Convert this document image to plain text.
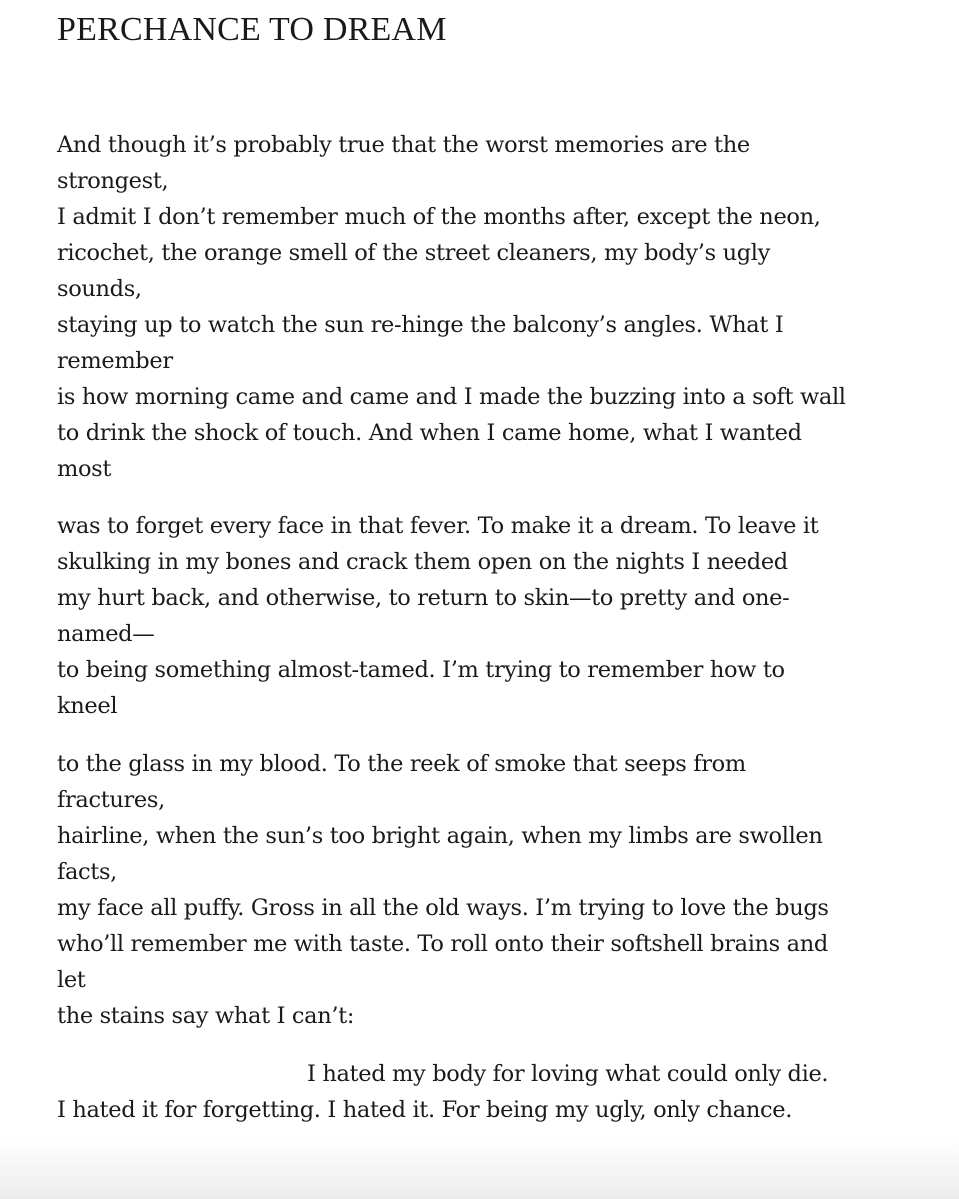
PERCHANCE TO DREAM
And though it’s probably true that the worst memories are the
strongest,
I admit I don’t remember much of the months after, except the neon,
ricochet, the orange smell of the street cleaners, my body’s ugly
sounds,
staying up to watch the sun re-hinge the balcony’s angles. What I
remember
is how morning came and came and I made the buzzing into a soft wall
to drink the shock of touch. And when I came home, what I wanted
most
was to forget every face in that fever. To make it a dream. To leave it
skulking in my bones and crack them open on the nights I needed
my hurt back, and otherwise, to return to skin—to pretty and one-
named—
to being something almost-tamed. I’m trying to remember how to
kneel
to the glass in my blood. To the reek of smoke that seeps from
fractures,
hairline, when the sun’s too bright again, when my limbs are swollen
facts,
my face all puffy. Gross in all the old ways. I’m trying to love the bugs
who’ll remember me with taste. To roll onto their softshell brains and
let
the stains say what I can’t:
I hated my body for loving what could only die.
I hated it for forgetting. I hated it. For being my ugly, only chance.
